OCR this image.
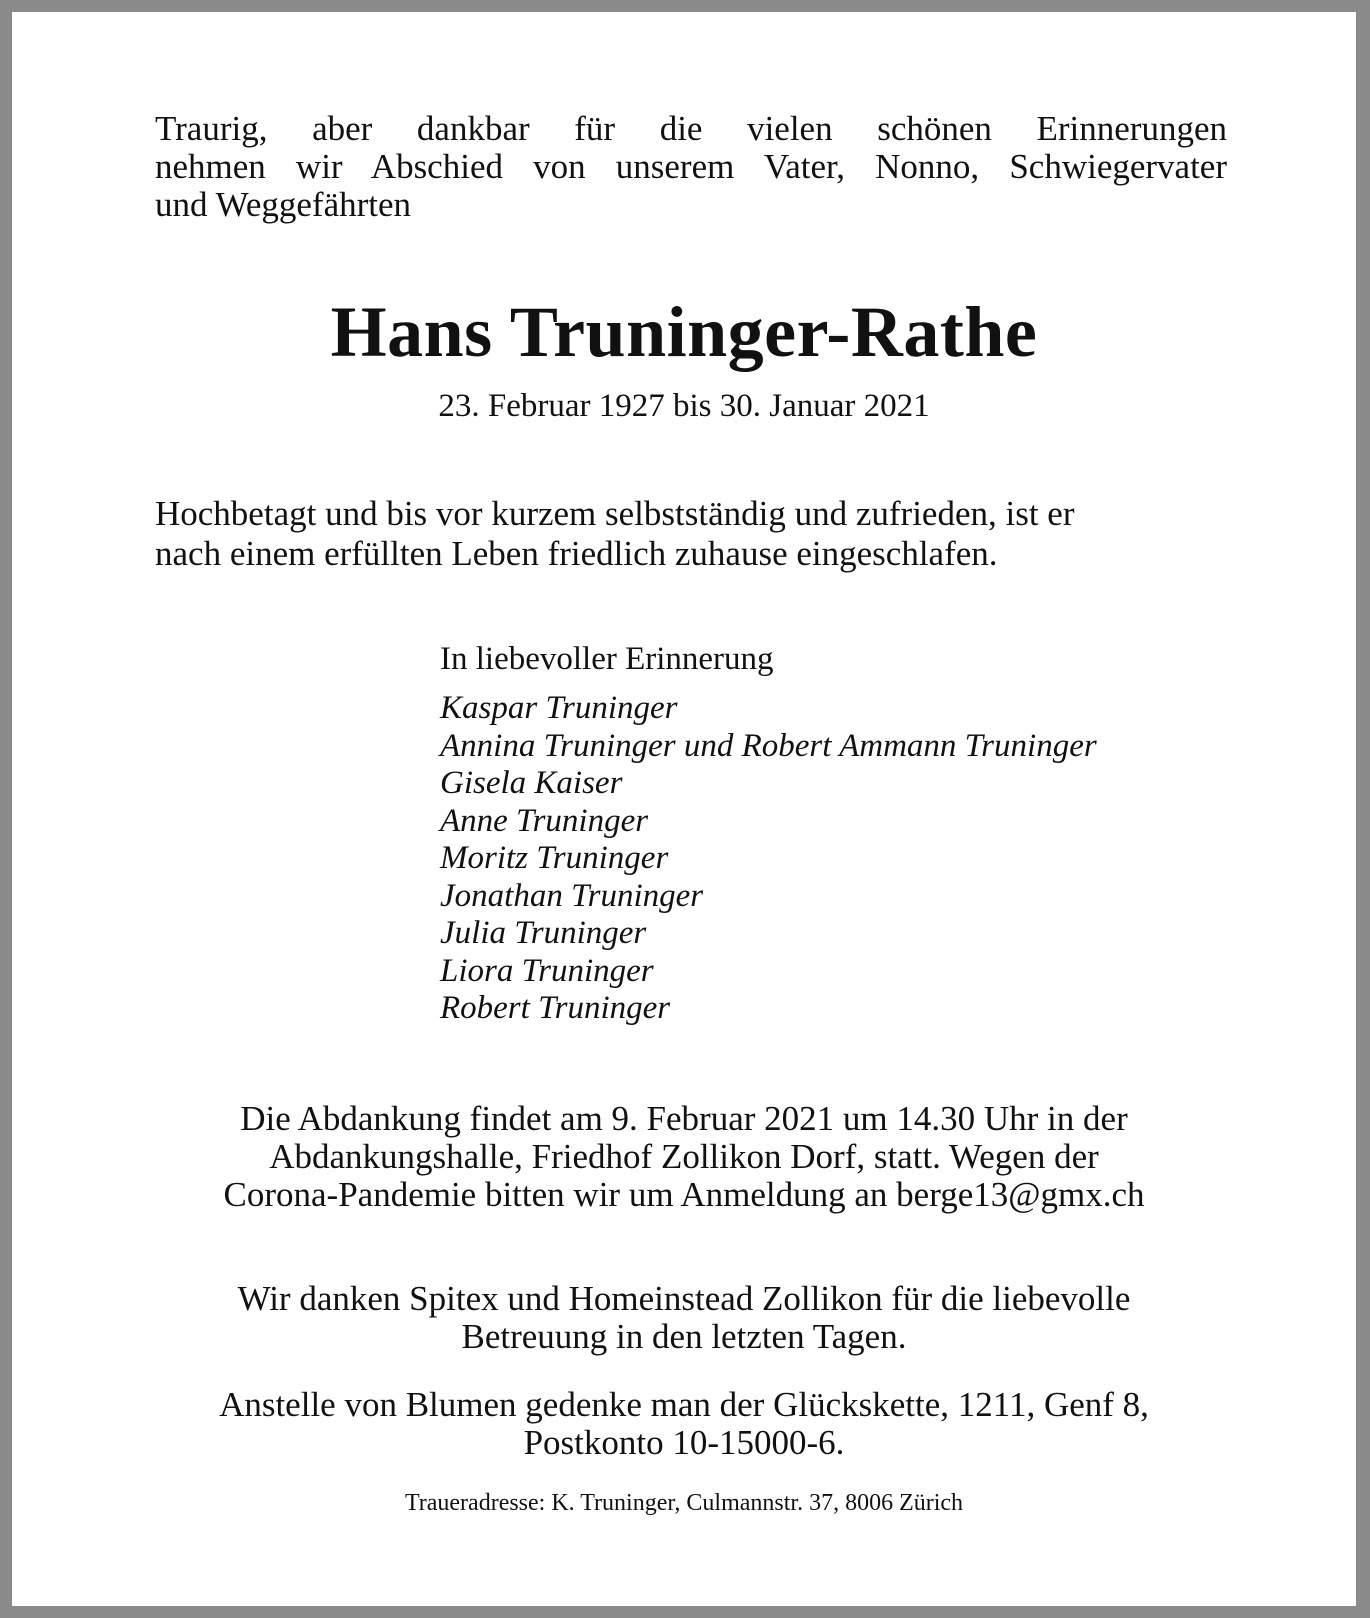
Traurig, aber dankbar für die vielen schönen Erinnerungen
nehmen wir Abschied von unserem Vater, Nonno, Schwiegervater
und Weggefährten
Hans Truninger-Rathe
23. Februar 1927 bis 30. Januar 2021
Hochbetagt und bis vor kurzem selbstständig und zufrieden, ist er
nach einem erfüllten Leben friedlich zuhause eingeschlafen.
In liebevoller Erinnerung
Kaspar Truninger
Annina Truninger und Robert Ammann Truninger
Gisela Kaiser
Anne Truninger
Moritz Truninger
Jonathan Truninger
Julia Truninger
Liora Truninger
Robert Truninger
Die Abdankung findet am 9. Februar 2021 um 14.30 Uhr in der
Abdankungshalle, Friedhof Zollikon Dorf, statt. Wegen der
Corona-Pandemie bitten wir um Anmeldung an berge13@gmx.ch
Wir danken Spitex und Homeinstead Zollikon für die liebevolle
Betreuung in den letzten Tagen.
Anstelle von Blumen gedenke man der Glückskette, 1211, Genf 8,
Postkonto 10-15000-6.
Traueradresse: K. Truninger, Culmannstr. 37, 8006 Zürich
